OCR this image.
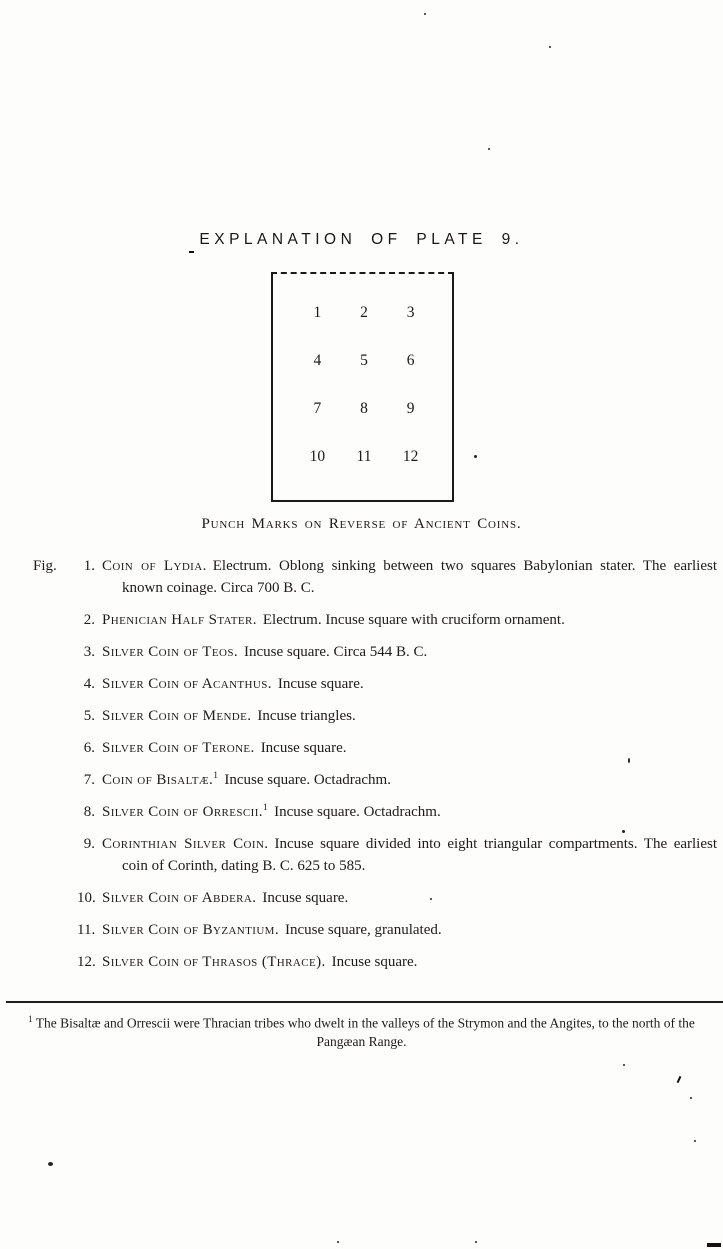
EXPLANATION OF PLATE 9.
1	2	3
4	5	6
7	8	9
10	11	12
Punch Marks on Reverse of Ancient Coins.
Fig.	1. Coin of Lydia. Electrum. Oblong sinking between two squares Babylonian stater. The earliest known coinage. Circa 700 B. C.
2. Phenician Half Stater. Electrum. Incuse square with cruciform ornament.
3. Silver Coin of Teos. Incuse square. Circa 544 B. C.
4. Silver Coin of Acanthus. Incuse square.
5. Silver Coin of Mende. Incuse triangles.
6. Silver Coin of Terone. Incuse square.
7. Coin of Bisaltæ.$^1$ Incuse square. Octadrachm.
8. Silver Coin of Orrescii.$^1$ Incuse square. Octadrachm.
9. Corinthian Silver Coin. Incuse square divided into eight triangular compartments. The earliest coin of Corinth, dating B. C. 625 to 585.
10. Silver Coin of Abdera. Incuse square.
11. Silver Coin of Byzantium. Incuse square, granulated.
12. Silver Coin of Thrasos (Thrace). Incuse square.
$^1$ The Bisaltæ and Orrescii were Thracian tribes who dwelt in the valleys of the Strymon and the Angites, to the north of the Pangæan Range.
